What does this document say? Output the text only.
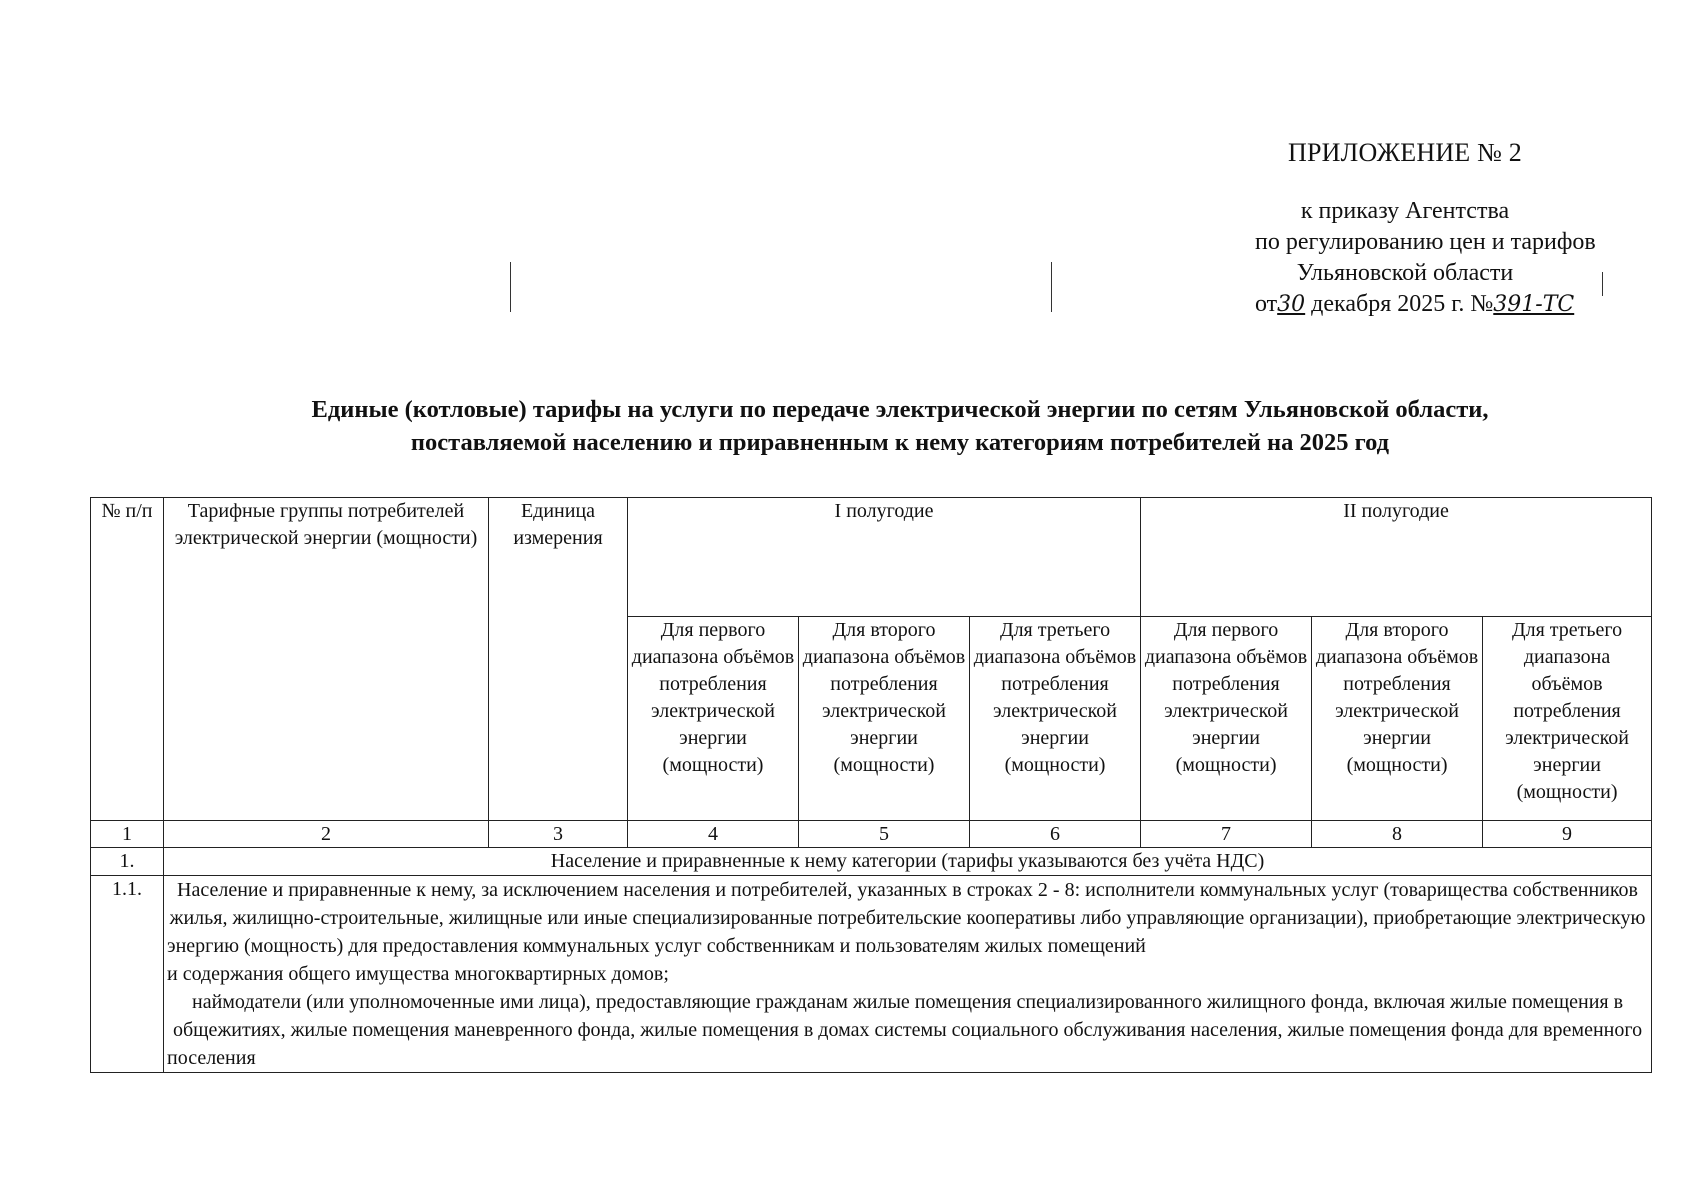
ПРИЛОЖЕНИЕ № 2
к приказу Агентства
по регулированию цен и тарифов
Ульяновской области
от30 декабря 2025 г. №391-ТС
Единые (котловые) тарифы на услуги по передаче электрической энергии по сетям Ульяновской области,
поставляемой населению и приравненным к нему категориям потребителей на 2025 год
№ п/п	Тарифные группы потребителей электрической энергии (мощности)	Единица измерения	I полугодие			II полугодие		
			Для первого диапазона объёмов потребления электрической энергии (мощности)	Для второго диапазона объёмов потребления электрической энергии (мощности)	Для третьего диапазона объёмов потребления электрической энергии (мощности)	Для первого диапазона объёмов потребления электрической энергии (мощности)	Для второго диапазона объёмов потребления электрической энергии (мощности)	Для третьего диапазона объёмов потребления электрической энергии (мощности)
1	2	3	4	5	6	7	8	9
1.	Население и приравненные к нему категории (тарифы указываются без учёта НДС)							
1.1.	Население и приравненные к нему, за исключением населения и потребителей, указанных в строках 2 - 8: исполнители коммунальных услуг (товарищества собственников жилья, жилищно-строительные, жилищные или иные специализированные потребительские кооперативы либо управляющие организации), приобретающие электрическую энергию (мощность) для предоставления коммунальных услуг собственникам и пользователям жилых помещений
и содержания общего имущества многоквартирных домов;
наймодатели (или уполномоченные ими лица), предоставляющие гражданам жилые помещения специализированного жилищного фонда, включая жилые помещения в общежитиях, жилые помещения маневренного фонда, жилые помещения в домах системы социального обслуживания населения, жилые помещения фонда для временного поселения							
